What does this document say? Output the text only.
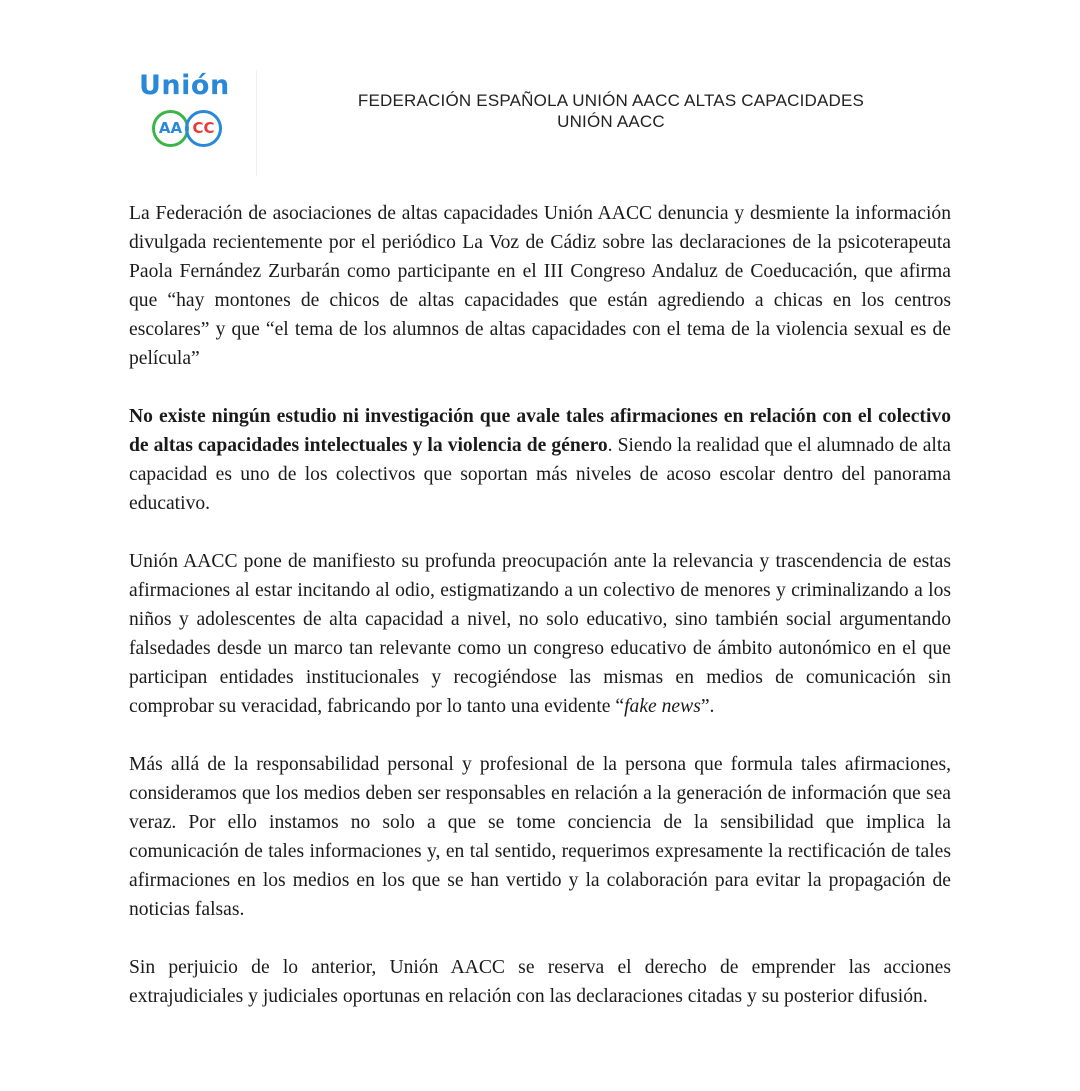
Unión
AA CC
FEDERACIÓN ESPAÑOLA UNIÓN AACC ALTAS CAPACIDADES
UNIÓN AACC

La Federación de asociaciones de altas capacidades Unión AACC denuncia y desmiente la información divulgada recientemente por el periódico La Voz de Cádiz sobre las declaraciones de la psicoterapeuta Paola Fernández Zurbarán como participante en el III Congreso Andaluz de Coeducación, que afirma que “hay montones de chicos de altas capacidades que están agrediendo a chicas en los centros escolares” y que “el tema de los alumnos de altas capacidades con el tema de la violencia sexual es de película”

No existe ningún estudio ni investigación que avale tales afirmaciones en relación con el colectivo de altas capacidades intelectuales y la violencia de género. Siendo la realidad que el alumnado de alta capacidad es uno de los colectivos que soportan más niveles de acoso escolar dentro del panorama educativo.

Unión AACC pone de manifiesto su profunda preocupación ante la relevancia y trascendencia de estas afirmaciones al estar incitando al odio, estigmatizando a un colectivo de menores y criminalizando a los niños y adolescentes de alta capacidad a nivel, no solo educativo, sino también social argumentando falsedades desde un marco tan relevante como un congreso educativo de ámbito autonómico en el que participan entidades institucionales y recogiéndose las mismas en medios de comunicación sin comprobar su veracidad, fabricando por lo tanto una evidente “fake news”.

Más allá de la responsabilidad personal y profesional de la persona que formula tales afirmaciones, consideramos que los medios deben ser responsables en relación a la generación de información que sea veraz. Por ello instamos no solo a que se tome conciencia de la sensibilidad que implica la comunicación de tales informaciones y, en tal sentido, requerimos expresamente la rectificación de tales afirmaciones en los medios en los que se han vertido y la colaboración para evitar la propagación de noticias falsas.

Sin perjuicio de lo anterior, Unión AACC se reserva el derecho de emprender las acciones extrajudiciales y judiciales oportunas en relación con las declaraciones citadas y su posterior difusión.
